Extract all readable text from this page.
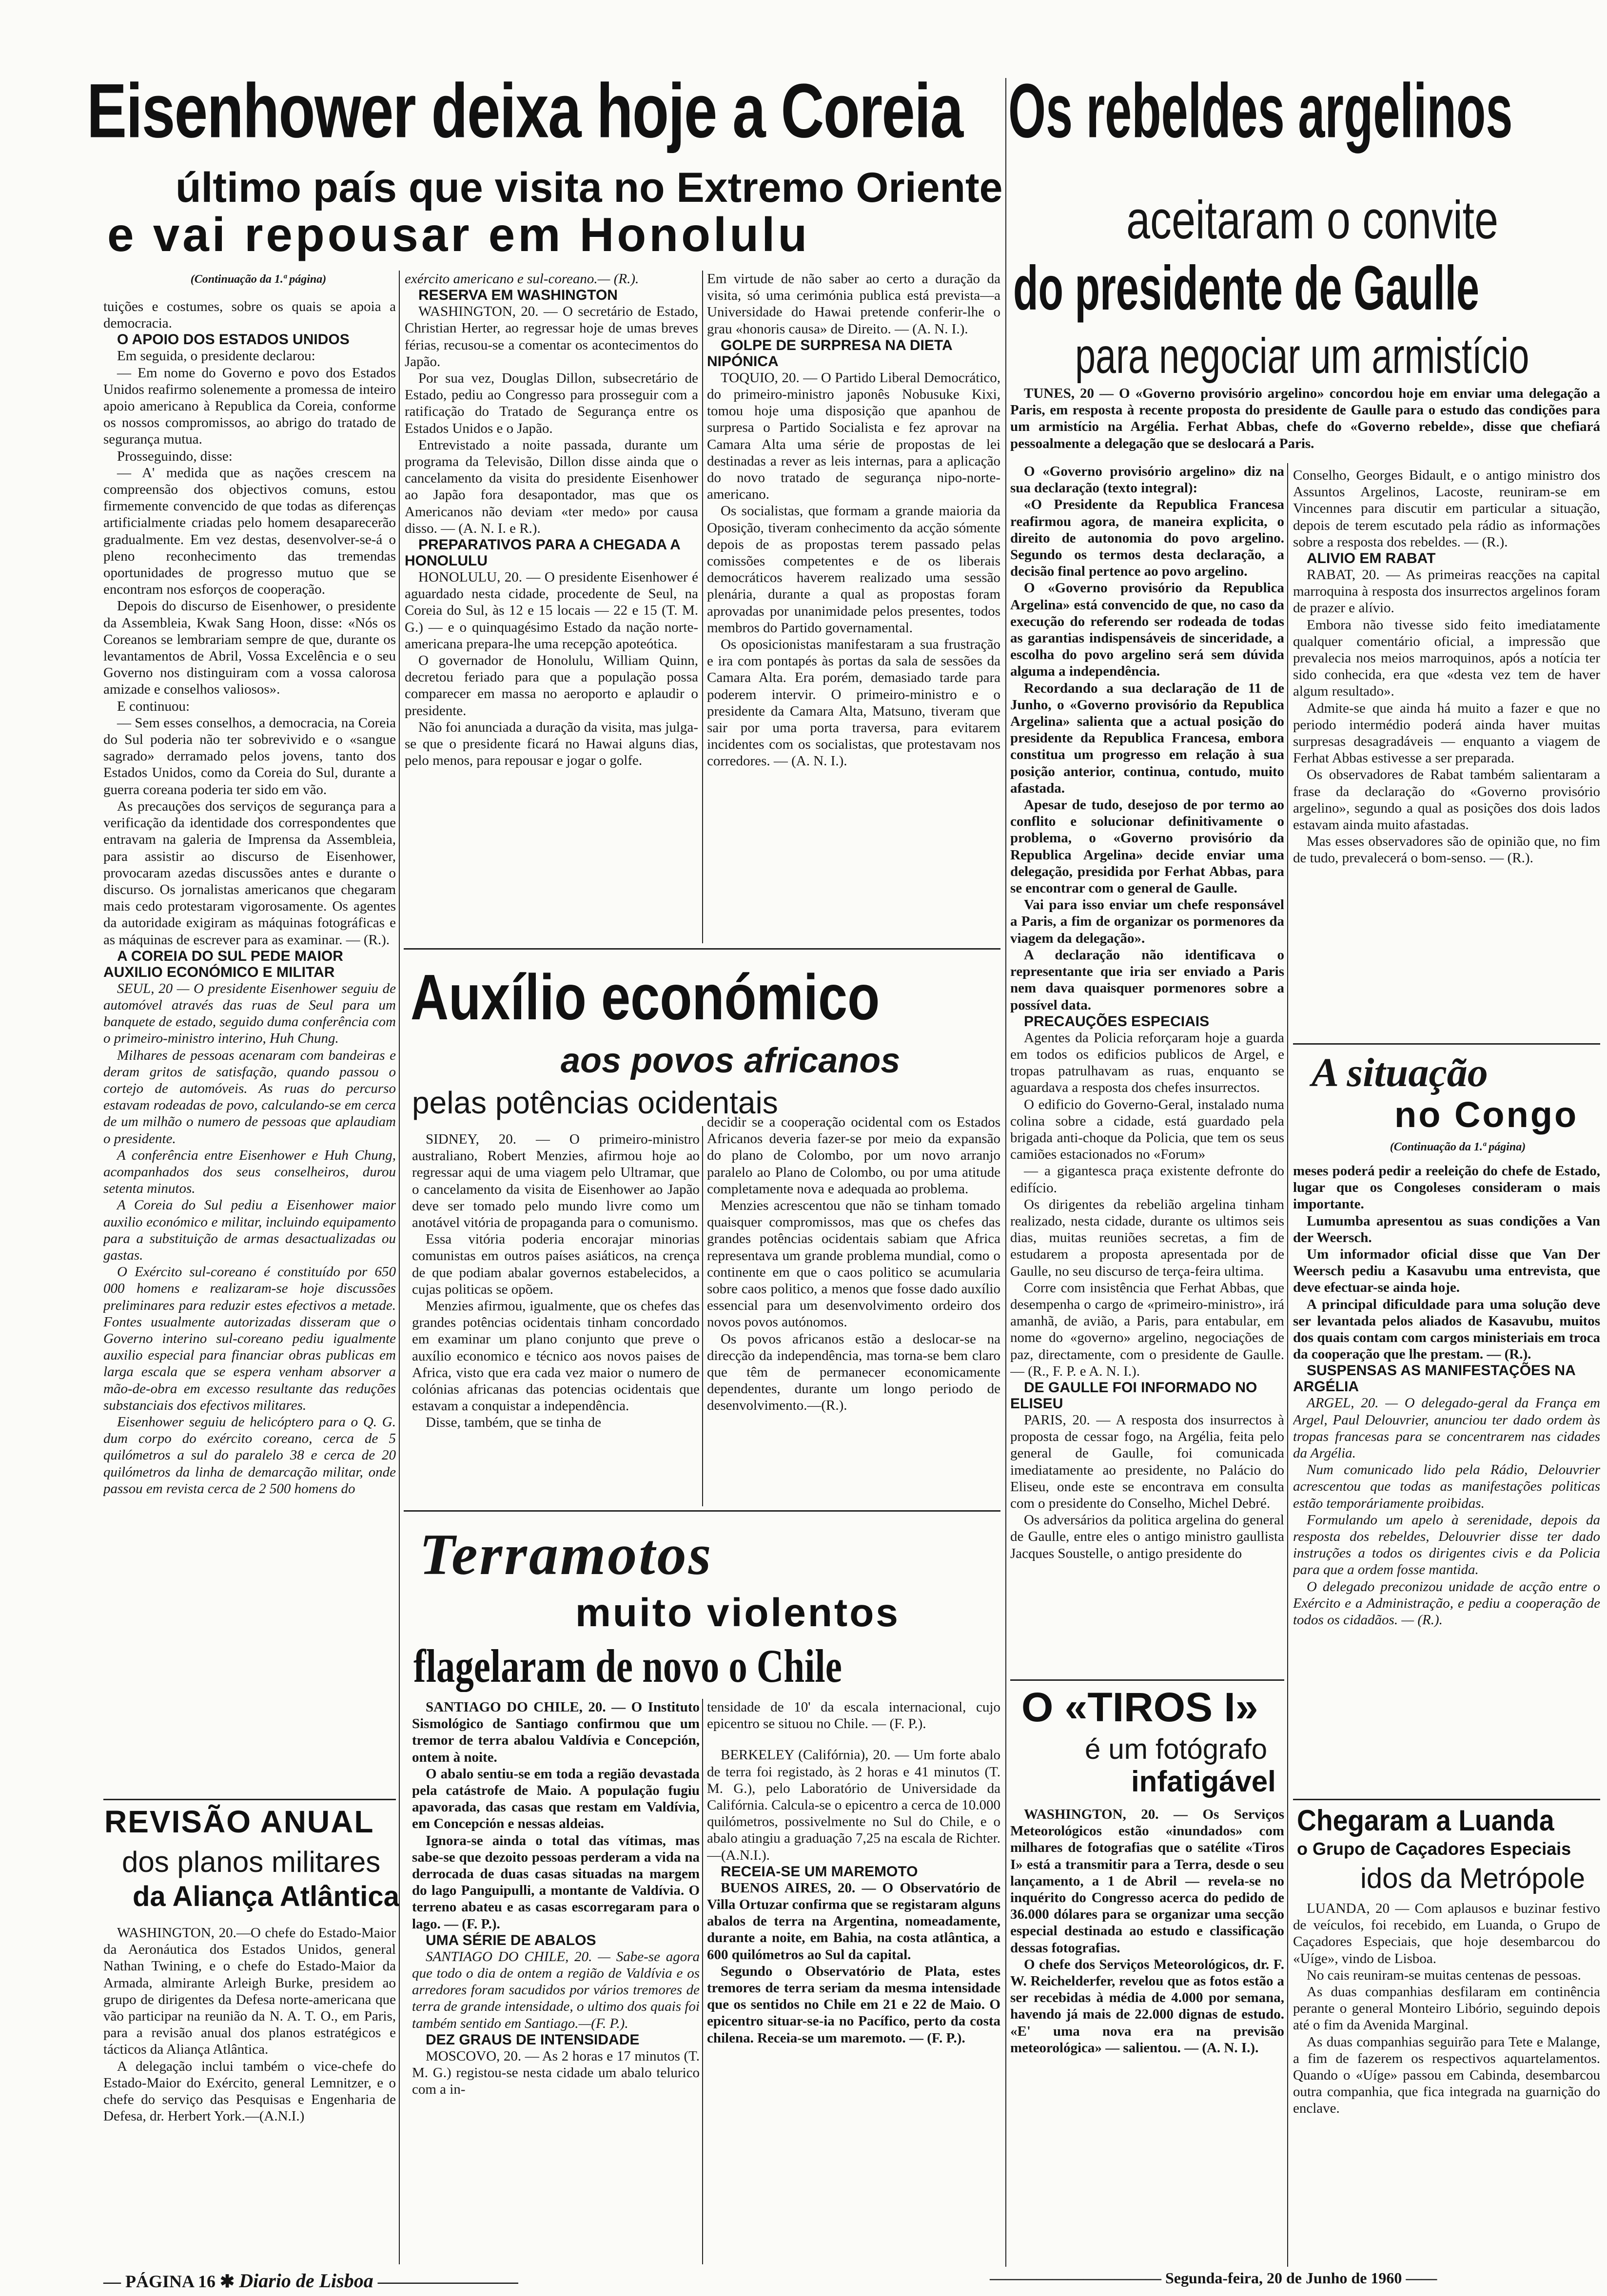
Eisenhower deixa hoje a Coreia
último país que visita no Extremo Oriente
e vai repousar em Honolulu
(Continuação da 1.ª página)
Os rebeldes argelinos
aceitaram o convite
do presidente de Gaulle
para negociar um armistício

tuições e costumes, sobre os quais se apoia a democracia.

O APOIO DOS ESTADOS UNIDOS

Em seguida, o presidente declarou:

— Em nome do Governo e povo dos Estados Unidos reafirmo solenemente a promessa de inteiro apoio americano à Republica da Coreia, conforme os nossos compromissos, ao abrigo do tratado de segurança mutua.

Prosseguindo, disse:

— A' medida que as nações crescem na compreensão dos objectivos comuns, estou firmemente convencido de que todas as diferenças artificialmente criadas pelo homem desaparecerão gradualmente. Em vez destas, desenvolver-se-á o pleno reconhecimento das tremendas oportunidades de progresso mutuo que se encontram nos esforços de cooperação.

Depois do discurso de Eisenhower, o presidente da Assembleia, Kwak Sang Hoon, disse: «Nós os Coreanos se lembrariam sempre de que, durante os levantamentos de Abril, Vossa Excelência e o seu Governo nos distinguiram com a vossa calorosa amizade e conselhos valiosos».

E continuou:

— Sem esses conselhos, a democracia, na Coreia do Sul poderia não ter sobrevivido e o «sangue sagrado» derramado pelos jovens, tanto dos Estados Unidos, como da Coreia do Sul, durante a guerra coreana poderia ter sido em vão.

As precauções dos serviços de segurança para a verificação da identidade dos correspondentes que entravam na galeria de Imprensa da Assembleia, para assistir ao discurso de Eisenhower, provocaram azedas discussões antes e durante o discurso. Os jornalistas americanos que chegaram mais cedo protestaram vigorosamente. Os agentes da autoridade exigiram as máquinas fotográficas e as máquinas de escrever para as examinar. — (R.).

A COREIA DO SUL PEDE MAIOR AUXILIO ECONÓMICO E MILITAR

SEUL, 20 — O presidente Eisenhower seguiu de automóvel através das ruas de Seul para um banquete de estado, seguido duma conferência com o primeiro-ministro interino, Huh Chung.

Milhares de pessoas acenaram com bandeiras e deram gritos de satisfação, quando passou o cortejo de automóveis. As ruas do percurso estavam rodeadas de povo, calculando-se em cerca de um milhão o numero de pessoas que aplaudiam o presidente.

A conferência entre Eisenhower e Huh Chung, acompanhados dos seus conselheiros, durou setenta minutos.

A Coreia do Sul pediu a Eisenhower maior auxilio económico e militar, incluindo equipamento para a substituição de armas desactualizadas ou gastas.

O Exército sul-coreano é constituído por 650 000 homens e realizaram-se hoje discussões preliminares para reduzir estes efectivos a metade. Fontes usualmente autorizadas disseram que o Governo interino sul-coreano pediu igualmente auxilio especial para financiar obras publicas em larga escala que se espera venham absorver a mão-de-obra em excesso resultante das reduções substanciais dos efectivos militares.

Eisenhower seguiu de helicóptero para o Q. G. dum corpo do exército coreano, cerca de 5 quilómetros a sul do paralelo 38 e cerca de 20 quilómetros da linha de demarcação militar, onde passou em revista cerca de 2 500 homens do

REVISÃO ANUAL
dos planos militares
da Aliança Atlântica

WASHINGTON, 20.—O chefe do Estado-Maior da Aeronáutica dos Estados Unidos, general Nathan Twining, e o chefe do Estado-Maior da Armada, almirante Arleigh Burke, presidem ao grupo de dirigentes da Defesa norte-americana que vão participar na reunião da N. A. T. O., em Paris, para a revisão anual dos planos estratégicos e tácticos da Aliança Atlântica.

A delegação inclui também o vice-chefe do Estado-Maior do Exército, general Lemnitzer, e o chefe do serviço das Pesquisas e Engenharia de Defesa, dr. Herbert York.—(A.N.I.)

exército americano e sul-coreano.— (R.).

RESERVA EM WASHINGTON

WASHINGTON, 20. — O secretário de Estado, Christian Herter, ao regressar hoje de umas breves férias, recusou-se a comentar os acontecimentos do Japão.

Por sua vez, Douglas Dillon, subsecretário de Estado, pediu ao Congresso para prosseguir com a ratificação do Tratado de Segurança entre os Estados Unidos e o Japão.

Entrevistado a noite passada, durante um programa da Televisão, Dillon disse ainda que o cancelamento da visita do presidente Eisenhower ao Japão fora desapontador, mas que os Americanos não deviam «ter medo» por causa disso. — (A. N. I. e R.).

PREPARATIVOS PARA A CHEGADA A HONOLULU

HONOLULU, 20. — O presidente Eisenhower é aguardado nesta cidade, procedente de Seul, na Coreia do Sul, às 12 e 15 locais — 22 e 15 (T. M. G.) — e o quinquagésimo Estado da nação norte-americana prepara-lhe uma recepção apoteótica.

O governador de Honolulu, William Quinn, decretou feriado para que a população possa comparecer em massa no aeroporto e aplaudir o presidente.

Não foi anunciada a duração da visita, mas julga-se que o presidente ficará no Hawai alguns dias, pelo menos, para repousar e jogar o golfe.

Em virtude de não saber ao certo a duração da visita, só uma cerimónia publica está prevista—a Universidade do Hawai pretende conferir-lhe o grau «honoris causa» de Direito. — (A. N. I.).

GOLPE DE SURPRESA NA DIETA NIPÓNICA

TOQUIO, 20. — O Partido Liberal Democrático, do primeiro-ministro japonês Nobusuke Kixi, tomou hoje uma disposição que apanhou de surpresa o Partido Socialista e fez aprovar na Camara Alta uma série de propostas de lei destinadas a rever as leis internas, para a aplicação do novo tratado de segurança nipo-norte-americano.

Os socialistas, que formam a grande maioria da Oposição, tiveram conhecimento da acção sómente depois de as propostas terem passado pelas comissões competentes e de os liberais democráticos haverem realizado uma sessão plenária, durante a qual as propostas foram aprovadas por unanimidade pelos presentes, todos membros do Partido governamental.

Os oposicionistas manifestaram a sua frustração e ira com pontapés às portas da sala de sessões da Camara Alta. Era porém, demasiado tarde para poderem intervir. O primeiro-ministro e o presidente da Camara Alta, Matsuno, tiveram que sair por uma porta traversa, para evitarem incidentes com os socialistas, que protestavam nos corredores. — (A. N. I.).

Auxílio económico
aos povos africanos
pelas potências ocidentais

SIDNEY, 20. — O primeiro-ministro australiano, Robert Menzies, afirmou hoje ao regressar aqui de uma viagem pelo Ultramar, que o cancelamento da visita de Eisenhower ao Japão deve ser tomado pelo mundo livre como um anotável vitória de propaganda para o comunismo.

Essa vitória poderia encorajar minorias comunistas em outros países asiáticos, na crença de que podiam abalar governos estabelecidos, a cujas politicas se opõem.

Menzies afirmou, igualmente, que os chefes das grandes potências ocidentais tinham concordado em examinar um plano conjunto que preve o auxílio economico e técnico aos novos paises de Africa, visto que era cada vez maior o numero de colónias africanas das potencias ocidentais que estavam a conquistar a independência.

Disse, também, que se tinha de

decidir se a cooperação ocidental com os Estados Africanos deveria fazer-se por meio da expansão do plano de Colombo, por um novo arranjo paralelo ao Plano de Colombo, ou por uma atitude completamente nova e adequada ao problema.

Menzies acrescentou que não se tinham tomado quaisquer compromissos, mas que os chefes das grandes potências ocidentais sabiam que Africa representava um grande problema mundial, como o continente em que o caos politico se acumularia sobre caos politico, a menos que fosse dado auxílio essencial para um desenvolvimento ordeiro dos novos povos autónomos.

Os povos africanos estão a deslocar-se na direcção da independência, mas torna-se bem claro que têm de permanecer economicamente dependentes, durante um longo periodo de desenvolvimento.—(R.).

Terramotos
muito violentos
flagelaram de novo o Chile

SANTIAGO DO CHILE, 20. — O Instituto Sismológico de Santiago confirmou que um tremor de terra abalou Valdívia e Concepción, ontem à noite.

O abalo sentiu-se em toda a região devastada pela catástrofe de Maio. A população fugiu apavorada, das casas que restam em Valdívia, em Concepción e nessas aldeias.

Ignora-se ainda o total das vítimas, mas sabe-se que dezoito pessoas perderam a vida na derrocada de duas casas situadas na margem do lago Panguipulli, a montante de Valdívia. O terreno abateu e as casas escorregaram para o lago. — (F. P.).

UMA SÉRIE DE ABALOS

SANTIAGO DO CHILE, 20. — Sabe-se agora que todo o dia de ontem a região de Valdívia e os arredores foram sacudidos por vários tremores de terra de grande intensidade, o ultimo dos quais foi também sentido em Santiago.—(F. P.).

DEZ GRAUS DE INTENSIDADE

MOSCOVO, 20. — As 2 horas e 17 minutos (T. M. G.) registou-se nesta cidade um abalo telurico com a in-

tensidade de 10' da escala internacional, cujo epicentro se situou no Chile. — (F. P.).

BERKELEY (Califórnia), 20. — Um forte abalo de terra foi registado, às 2 horas e 41 minutos (T. M. G.), pelo Laboratório de Universidade da Califórnia. Calcula-se o epicentro a cerca de 10.000 quilómetros, possivelmente no Sul do Chile, e o abalo atingiu a graduação 7,25 na escala de Richter.—(A.N.I.).

RECEIA-SE UM MAREMOTO

BUENOS AIRES, 20. — O Observatório de Villa Ortuzar confirma que se registaram alguns abalos de terra na Argentina, nomeadamente, durante a noite, em Bahia, na costa atlântica, a 600 quilómetros ao Sul da capital.

Segundo o Observatório de Plata, estes tremores de terra seriam da mesma intensidade que os sentidos no Chile em 21 e 22 de Maio. O epicentro situar-se-ia no Pacífico, perto da costa chilena. Receia-se um maremoto. — (F. P.).

TUNES, 20 — O «Governo provisório argelino» concordou hoje em enviar uma delegação a Paris, em resposta à recente proposta do presidente de Gaulle para o estudo das condições para um armistício na Argélia. Ferhat Abbas, chefe do «Governo rebelde», disse que chefiará pessoalmente a delegação que se deslocará a Paris.

O «Governo provisório argelino» diz na sua declaração (texto integral):

«O Presidente da Republica Francesa reafirmou agora, de maneira explicita, o direito de autonomia do povo argelino. Segundo os termos desta declaração, a decisão final pertence ao povo argelino.

O «Governo provisório da Republica Argelina» está convencido de que, no caso da execução do referendo ser rodeada de todas as garantias indispensáveis de sinceridade, a escolha do povo argelino será sem dúvida alguma a independência.

Recordando a sua declaração de 11 de Junho, o «Governo provisório da Republica Argelina» salienta que a actual posição do presidente da Republica Francesa, embora constitua um progresso em relação à sua posição anterior, continua, contudo, muito afastada.

Apesar de tudo, desejoso de por termo ao conflito e solucionar definitivamente o problema, o «Governo provisório da Republica Argelina» decide enviar uma delegação, presidida por Ferhat Abbas, para se encontrar com o general de Gaulle.

Vai para isso enviar um chefe responsável a Paris, a fim de organizar os pormenores da viagem da delegação».

A declaração não identificava o representante que iria ser enviado a Paris nem dava quaisquer pormenores sobre a possível data.

PRECAUÇÕES ESPECIAIS

Agentes da Policia reforçaram hoje a guarda em todos os edificios publicos de Argel, e tropas patrulhavam as ruas, enquanto se aguardava a resposta dos chefes insurrectos.

O edificio do Governo-Geral, instalado numa colina sobre a cidade, está guardado pela brigada anti-choque da Policia, que tem os seus camiões estacionados no «Forum»

— a gigantesca praça existente defronte do edifício.

Os dirigentes da rebelião argelina tinham realizado, nesta cidade, durante os ultimos seis dias, muitas reuniões secretas, a fim de estudarem a proposta apresentada por de Gaulle, no seu discurso de terça-feira ultima.

Corre com insistência que Ferhat Abbas, que desempenha o cargo de «primeiro-ministro», irá amanhã, de avião, a Paris, para entabular, em nome do «governo» argelino, negociações de paz, directamente, com o presidente de Gaulle. — (R., F. P. e A. N. I.).

DE GAULLE FOI INFORMADO NO ELISEU

PARIS, 20. — A resposta dos insurrectos à proposta de cessar fogo, na Argélia, feita pelo general de Gaulle, foi comunicada imediatamente ao presidente, no Palácio do Eliseu, onde este se encontrava em consulta com o presidente do Conselho, Michel Debré.

Os adversários da politica argelina do general de Gaulle, entre eles o antigo ministro gaullista Jacques Soustelle, o antigo presidente do

O «TIROS I»
é um fotógrafo
infatigável

WASHINGTON, 20. — Os Serviços Meteorológicos estão «inundados» com milhares de fotografias que o satélite «Tiros I» está a transmitir para a Terra, desde o seu lançamento, a 1 de Abril — revela-se no inquérito do Congresso acerca do pedido de 36.000 dólares para se organizar uma secção especial destinada ao estudo e classificação dessas fotografias.

O chefe dos Serviços Meteorológicos, dr. F. W. Reichelderfer, revelou que as fotos estão a ser recebidas à média de 4.000 por semana, havendo já mais de 22.000 dignas de estudo. «E' uma nova era na previsão meteorológica» — salientou. — (A. N. I.).

Conselho, Georges Bidault, e o antigo ministro dos Assuntos Argelinos, Lacoste, reuniram-se em Vincennes para discutir em particular a situação, depois de terem escutado pela rádio as informações sobre a resposta dos rebeldes. — (R.).

ALIVIO EM RABAT

RABAT, 20. — As primeiras reacções na capital marroquina à resposta dos insurrectos argelinos foram de prazer e alívio.

Embora não tivesse sido feito imediatamente qualquer comentário oficial, a impressão que prevalecia nos meios marroquinos, após a notícia ter sido conhecida, era que «desta vez tem de haver algum resultado».

Admite-se que ainda há muito a fazer e que no periodo intermédio poderá ainda haver muitas surpresas desagradáveis — enquanto a viagem de Ferhat Abbas estivesse a ser preparada.

Os observadores de Rabat também salientaram a frase da declaração do «Governo provisório argelino», segundo a qual as posições dos dois lados estavam ainda muito afastadas.

Mas esses observadores são de opinião que, no fim de tudo, prevalecerá o bom-senso. — (R.).

A situação
no Congo
(Continuação da 1.ª página)

meses poderá pedir a reeleição do chefe de Estado, lugar que os Congoleses consideram o mais importante.

Lumumba apresentou as suas condições a Van der Weersch.

Um informador oficial disse que Van Der Weersch pediu a Kasavubu uma entrevista, que deve efectuar-se ainda hoje.

A principal dificuldade para uma solução deve ser levantada pelos aliados de Kasavubu, muitos dos quais contam com cargos ministeriais em troca da cooperação que lhe prestam. — (R.).

SUSPENSAS AS MANIFESTAÇÕES NA ARGÉLIA

ARGEL, 20. — O delegado-geral da França em Argel, Paul Delouvrier, anunciou ter dado ordem às tropas francesas para se concentrarem nas cidades da Argélia.

Num comunicado lido pela Rádio, Delouvrier acrescentou que todas as manifestações politicas estão temporáriamente proibidas.

Formulando um apelo à serenidade, depois da resposta dos rebeldes, Delouvrier disse ter dado instruções a todos os dirigentes civis e da Policia para que a ordem fosse mantida.

O delegado preconizou unidade de acção entre o Exército e a Administração, e pediu a cooperação de todos os cidadãos. — (R.).

Chegaram a Luanda
o Grupo de Caçadores Especiais
idos da Metrópole

LUANDA, 20 — Com aplausos e buzinar festivo de veículos, foi recebido, em Luanda, o Grupo de Caçadores Especiais, que hoje desembarcou do «Uíge», vindo de Lisboa.

No cais reuniram-se muitas centenas de pessoas.

As duas companhias desfilaram em continência perante o general Monteiro Libório, seguindo depois até o fim da Avenida Marginal.

As duas companhias seguirão para Tete e Malange, a fim de fazerem os respectivos aquartelamentos. Quando o «Uíge» passou em Cabinda, desembarcou outra companhia, que fica integrada na guarnição do enclave.

— PÁGINA 16 ✱ Diario de Lisboa ————————	——————————— Segunda-feira, 20 de Junho de 1960 ——
